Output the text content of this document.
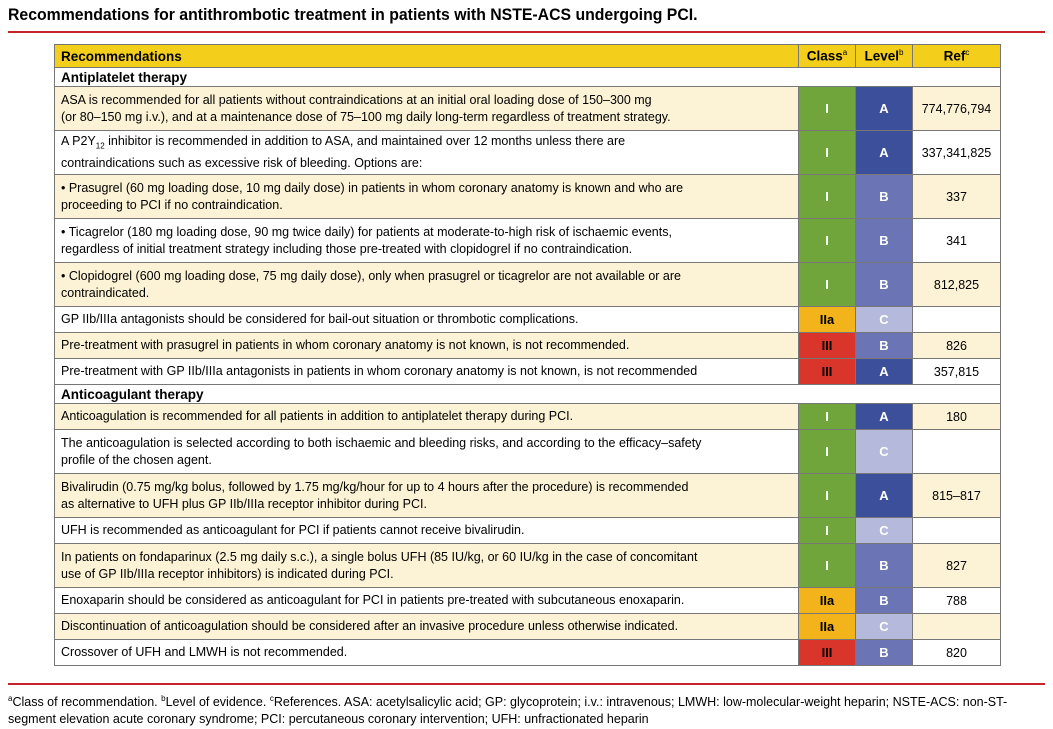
Recommendations for antithrombotic treatment in patients with NSTE-ACS undergoing PCI.
Recommendations	Class$^a$	Level$^b$	Ref$^c$
Antiplatelet therapy			
ASA is recommended for all patients without contraindications at an initial oral loading dose of 150–300 mg
(or 80–150 mg i.v.), and at a maintenance dose of 75–100 mg daily long-term regardless of treatment strategy.	I	A	774,776,794
A $P2Y_{12}$ inhibitor is recommended in addition to ASA, and maintained over 12 months unless there are
contraindications such as excessive risk of bleeding. Options are:	I	A	337,341,825
• Prasugrel (60 mg loading dose, 10 mg daily dose) in patients in whom coronary anatomy is known and who are
proceeding to PCI if no contraindication.	I	B	337
• Ticagrelor (180 mg loading dose, 90 mg twice daily) for patients at moderate-to-high risk of ischaemic events,
regardless of initial treatment strategy including those pre-treated with clopidogrel if no contraindication.	I	B	341
• Clopidogrel (600 mg loading dose, 75 mg daily dose), only when prasugrel or ticagrelor are not available or are
contraindicated.	I	B	812,825
GP IIb/IIIa antagonists should be considered for bail-out situation or thrombotic complications.	IIa	C	
Pre-treatment with prasugrel in patients in whom coronary anatomy is not known, is not recommended.	III	B	826
Pre-treatment with GP IIb/IIIa antagonists in patients in whom coronary anatomy is not known, is not recommended	III	A	357,815
Anticoagulant therapy			
Anticoagulation is recommended for all patients in addition to antiplatelet therapy during PCI.	I	A	180
The anticoagulation is selected according to both ischaemic and bleeding risks, and according to the efficacy–safety
profile of the chosen agent.	I	C	
Bivalirudin (0.75 mg/kg bolus, followed by 1.75 mg/kg/hour for up to 4 hours after the procedure) is recommended
as alternative to UFH plus GP IIb/IIIa receptor inhibitor during PCI.	I	A	815–817
UFH is recommended as anticoagulant for PCI if patients cannot receive bivalirudin.	I	C	
In patients on fondaparinux (2.5 mg daily s.c.), a single bolus UFH (85 IU/kg, or 60 IU/kg in the case of concomitant
use of GP IIb/IIIa receptor inhibitors) is indicated during PCI.	I	B	827
Enoxaparin should be considered as anticoagulant for PCI in patients pre-treated with subcutaneous enoxaparin.	IIa	B	788
Discontinuation of anticoagulation should be considered after an invasive procedure unless otherwise indicated.	IIa	C	
Crossover of UFH and LMWH is not recommended.	III	B	820
$^a$Class of recommendation. $^b$Level of evidence. $^c$References. ASA: acetylsalicylic acid; GP: glycoprotein; i.v.: intravenous; LMWH: low-molecular-weight heparin; NSTE-ACS: non-ST-segment elevation acute coronary syndrome; PCI: percutaneous coronary intervention; UFH: unfractionated heparin
